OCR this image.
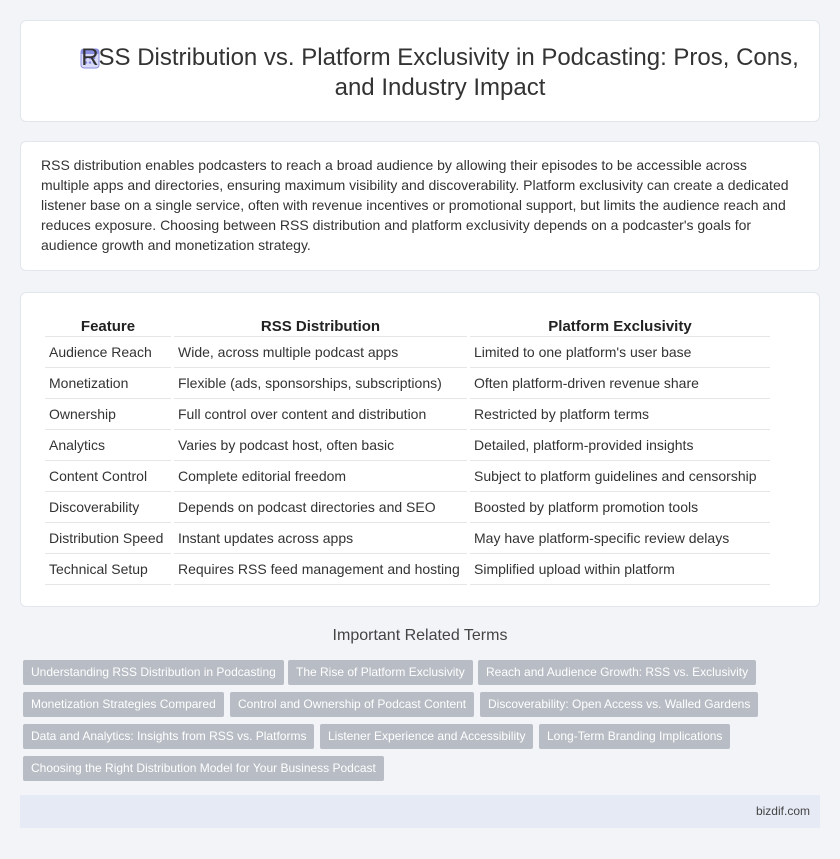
RSS Distribution vs. Platform Exclusivity in Podcasting: Pros, Cons, and Industry Impact

RSS distribution enables podcasters to reach a broad audience by allowing their episodes to be accessible across multiple apps and directories, ensuring maximum visibility and discoverability. Platform exclusivity can create a dedicated listener base on a single service, often with revenue incentives or promotional support, but limits the audience reach and reduces exposure. Choosing between RSS distribution and platform exclusivity depends on a podcaster's goals for audience growth and monetization strategy.

Feature	RSS Distribution	Platform Exclusivity
Audience Reach	Wide, across multiple podcast apps	Limited to one platform's user base
Monetization	Flexible (ads, sponsorships, subscriptions)	Often platform-driven revenue share
Ownership	Full control over content and distribution	Restricted by platform terms
Analytics	Varies by podcast host, often basic	Detailed, platform-provided insights
Content Control	Complete editorial freedom	Subject to platform guidelines and censorship
Discoverability	Depends on podcast directories and SEO	Boosted by platform promotion tools
Distribution Speed	Instant updates across apps	May have platform-specific review delays
Technical Setup	Requires RSS feed management and hosting	Simplified upload within platform
Important Related Terms
Understanding RSS Distribution in Podcasting	The Rise of Platform Exclusivity	Reach and Audience Growth: RSS vs. Exclusivity
Monetization Strategies Compared	Control and Ownership of Podcast Content	Discoverability: Open Access vs. Walled Gardens
Data and Analytics: Insights from RSS vs. Platforms	Listener Experience and Accessibility	Long-Term Branding Implications
Choosing the Right Distribution Model for Your Business Podcast
bizdif.com
